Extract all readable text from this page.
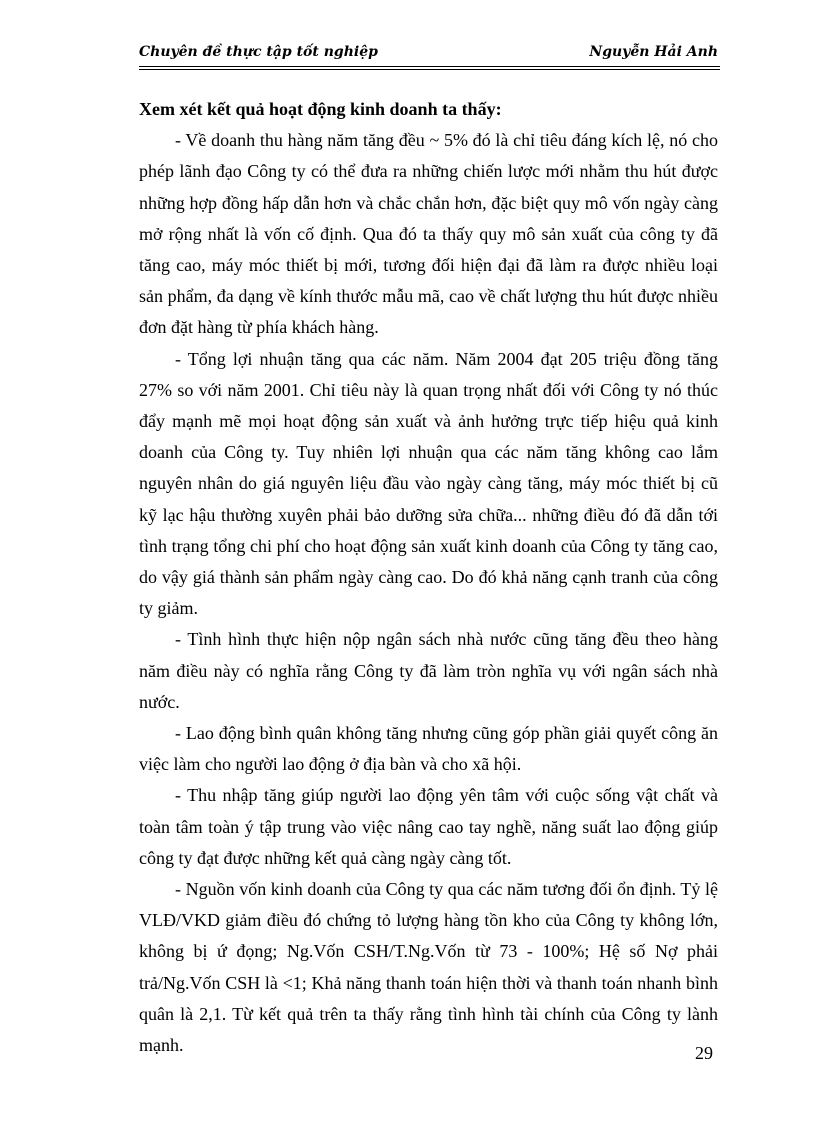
Chuyên đề thực tập tốt nghiệp	Nguyễn Hải Anh

Xem xét kết quả hoạt động kinh doanh ta thấy:

- Về doanh thu hàng năm tăng đều ~ 5% đó là chỉ tiêu đáng kích lệ, nó cho phép lãnh đạo Công ty có thể đưa ra những chiến lược mới nhằm thu hút được những hợp đồng hấp dẫn hơn và chắc chắn hơn, đặc biệt quy mô vốn ngày càng mở rộng nhất là vốn cố định. Qua đó ta thấy quy mô sản xuất của công ty đã tăng cao, máy móc thiết bị mới, tương đối hiện đại đã làm ra được nhiều loại sản phẩm, đa dạng về kính thước mẫu mã, cao về chất lượng thu hút được nhiều đơn đặt hàng từ phía khách hàng.

- Tổng lợi nhuận tăng qua các năm. Năm 2004 đạt 205 triệu đồng tăng 27% so với năm 2001. Chỉ tiêu này là quan trọng nhất đối với Công ty nó thúc đẩy mạnh mẽ mọi hoạt động sản xuất và ảnh hưởng trực tiếp hiệu quả kinh doanh của Công ty. Tuy nhiên lợi nhuận qua các năm tăng không cao lắm nguyên nhân do giá nguyên liệu đầu vào ngày càng tăng, máy móc thiết bị cũ kỹ lạc hậu thường xuyên phải bảo dưỡng sửa chữa... những điều đó đã dẫn tới tình trạng tổng chi phí cho hoạt động sản xuất kinh doanh của Công ty tăng cao, do vậy giá thành sản phẩm ngày càng cao. Do đó khả năng cạnh tranh của công ty giảm.

- Tình hình thực hiện nộp ngân sách nhà nước cũng tăng đều theo hàng năm điều này có nghĩa rằng Công ty đã làm tròn nghĩa vụ với ngân sách nhà nước.

- Lao động bình quân không tăng nhưng cũng góp phần giải quyết công ăn việc làm cho người lao động ở địa bàn và cho xã hội.

- Thu nhập tăng giúp người lao động yên tâm với cuộc sống vật chất và toàn tâm toàn ý tập trung vào việc nâng cao tay nghề, năng suất lao động giúp công ty đạt được những kết quả càng ngày càng tốt.

- Nguồn vốn kinh doanh của Công ty qua các năm tương đối ổn định. Tỷ lệ VLĐ/VKD giảm điều đó chứng tỏ lượng hàng tồn kho của Công ty không lớn, không bị ứ đọng; Ng.Vốn CSH/T.Ng.Vốn từ 73 - 100%; Hệ số Nợ phải trả/Ng.Vốn CSH là <1; Khả năng thanh toán hiện thời và thanh toán nhanh bình quân là 2,1. Từ kết quả trên ta thấy rằng tình hình tài chính của Công ty lành mạnh.	29
